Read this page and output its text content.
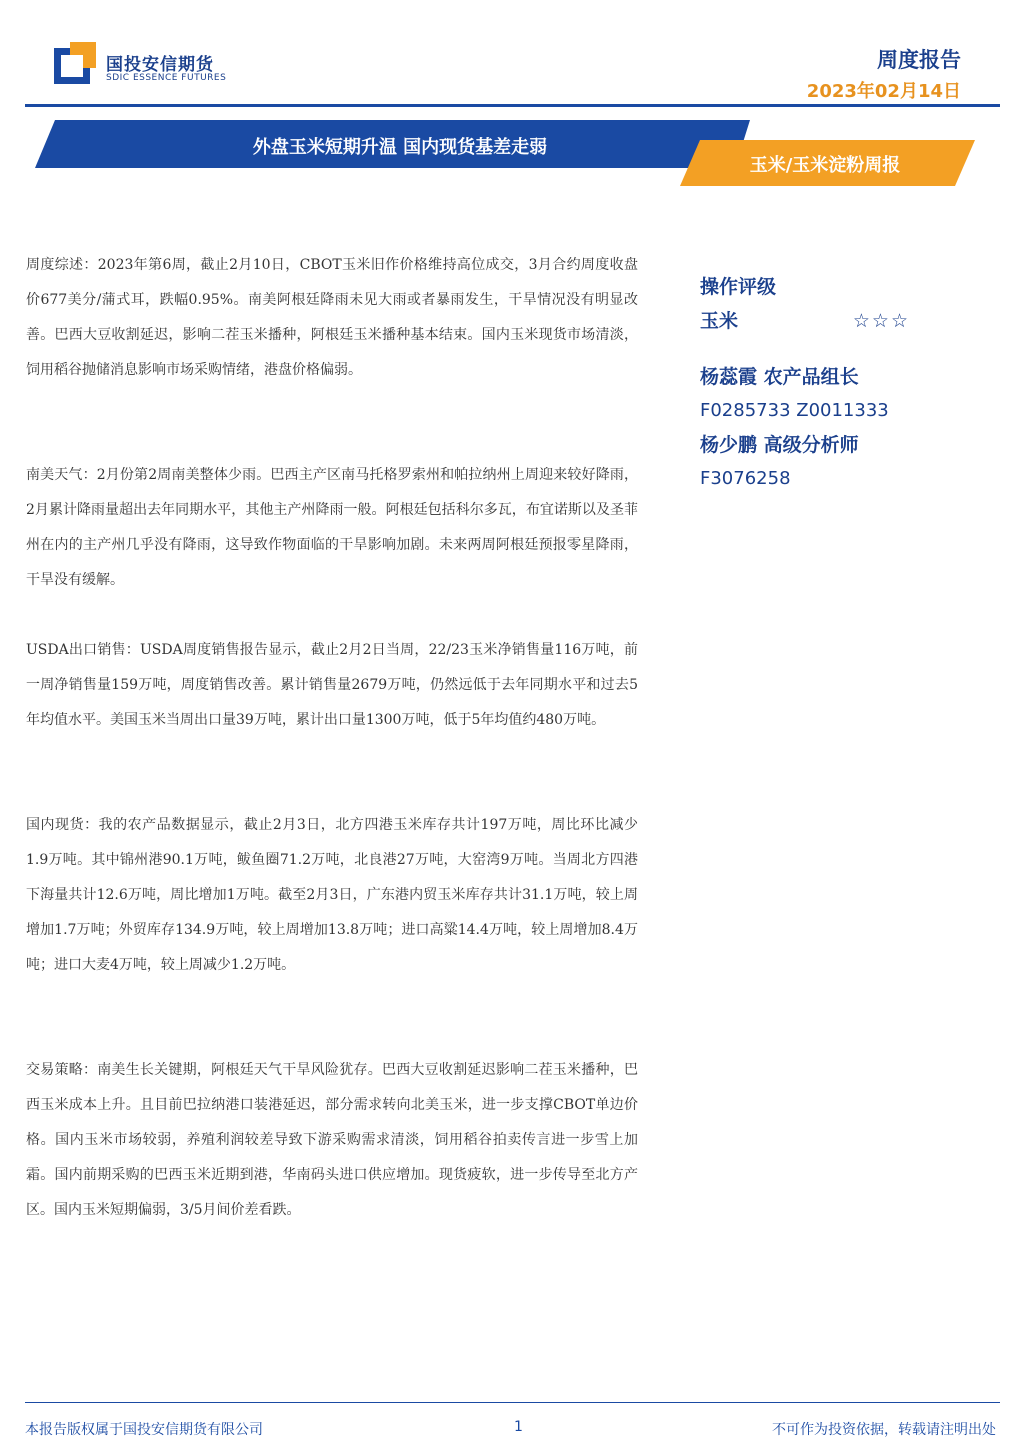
国投安信期货
SDIC ESSENCE FUTURES
周度报告
2023年02月14日
外盘玉米短期升温 国内现货基差走弱
玉米/玉米淀粉周报
周度综述：2023年第6周，截止2月10日，CBOT玉米旧作价格维持高位成交，3月合约周度收盘价677美分/蒲式耳，跌幅0.95%。南美阿根廷降雨未见大雨或者暴雨发生，干旱情况没有明显改善。巴西大豆收割延迟，影响二茬玉米播种，阿根廷玉米播种基本结束。国内玉米现货市场清淡，饲用稻谷抛储消息影响市场采购情绪，港盘价格偏弱。
南美天气：2月份第2周南美整体少雨。巴西主产区南马托格罗索州和帕拉纳州上周迎来较好降雨，2月累计降雨量超出去年同期水平，其他主产州降雨一般。阿根廷包括科尔多瓦，布宜诺斯以及圣菲州在内的主产州几乎没有降雨，这导致作物面临的干旱影响加剧。未来两周阿根廷预报零星降雨，干旱没有缓解。
USDA出口销售：USDA周度销售报告显示，截止2月2日当周，22/23玉米净销售量116万吨，前一周净销售量159万吨，周度销售改善。累计销售量2679万吨，仍然远低于去年同期水平和过去5年均值水平。美国玉米当周出口量39万吨，累计出口量1300万吨，低于5年均值约480万吨。
国内现货：我的农产品数据显示，截止2月3日，北方四港玉米库存共计197万吨，周比环比减少1.9万吨。其中锦州港90.1万吨，鲅鱼圈71.2万吨，北良港27万吨，大窑湾9万吨。当周北方四港下海量共计12.6万吨，周比增加1万吨。截至2月3日，广东港内贸玉米库存共计31.1万吨，较上周增加1.7万吨；外贸库存134.9万吨，较上周增加13.8万吨；进口高粱14.4万吨，较上周增加8.4万吨；进口大麦4万吨，较上周减少1.2万吨。
交易策略：南美生长关键期，阿根廷天气干旱风险犹存。巴西大豆收割延迟影响二茬玉米播种，巴西玉米成本上升。且目前巴拉纳港口装港延迟，部分需求转向北美玉米，进一步支撑CBOT单边价格。国内玉米市场较弱，养殖利润较差导致下游采购需求清淡，饲用稻谷拍卖传言进一步雪上加霜。国内前期采购的巴西玉米近期到港，华南码头进口供应增加。现货疲软，进一步传导至北方产区。国内玉米短期偏弱，3/5月间价差看跌。
操作评级
玉米	☆☆☆
杨蕊霞 农产品组长
F0285733 Z0011333
杨少鹏 高级分析师
F3076258
本报告版权属于国投安信期货有限公司	1	不可作为投资依据，转载请注明出处
